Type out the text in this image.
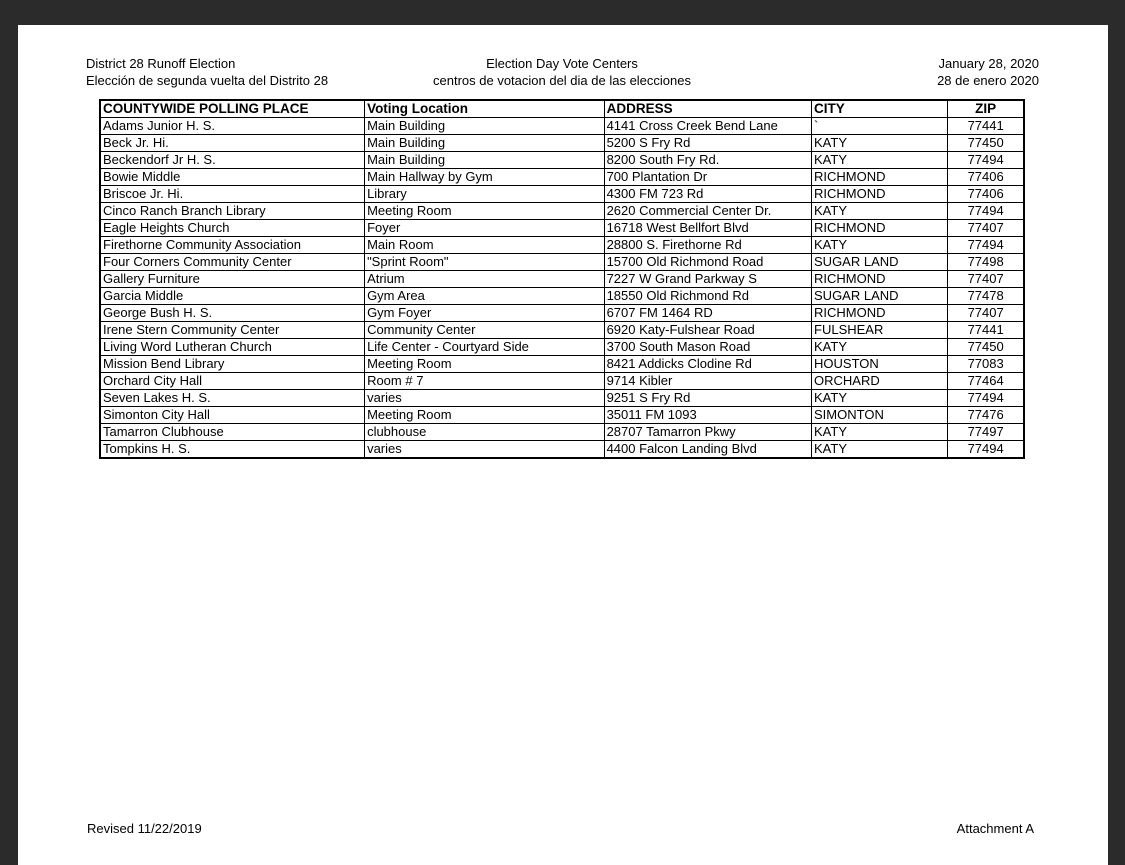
District 28 Runoff Election
Elección de segunda vuelta del Distrito 28
Election Day Vote Centers
centros de votacion del dia de las elecciones
January 28, 2020
28 de enero 2020
COUNTYWIDE POLLING PLACE	Voting Location	ADDRESS	CITY	ZIP
Adams Junior H. S.	Main Building	4141 Cross Creek Bend Lane	`	77441
Beck Jr. Hi.	Main Building	5200 S Fry Rd	KATY	77450
Beckendorf Jr H. S.	Main Building	8200 South Fry Rd.	KATY	77494
Bowie Middle	Main Hallway by Gym	700 Plantation Dr	RICHMOND	77406
Briscoe Jr. Hi.	Library	4300 FM 723 Rd	RICHMOND	77406
Cinco Ranch Branch Library	Meeting Room	2620 Commercial Center Dr.	KATY	77494
Eagle Heights Church	Foyer	16718 West Bellfort Blvd	RICHMOND	77407
Firethorne Community Association	Main Room	28800 S. Firethorne Rd	KATY	77494
Four Corners Community Center	"Sprint Room"	15700 Old Richmond Road	SUGAR LAND	77498
Gallery Furniture	Atrium	7227 W Grand Parkway S	RICHMOND	77407
Garcia Middle	Gym Area	18550 Old Richmond Rd	SUGAR LAND	77478
George Bush H. S.	Gym Foyer	6707 FM 1464 RD	RICHMOND	77407
Irene Stern Community Center	Community Center	6920 Katy-Fulshear Road	FULSHEAR	77441
Living Word Lutheran Church	Life Center - Courtyard Side	3700 South Mason Road	KATY	77450
Mission Bend Library	Meeting Room	8421 Addicks Clodine Rd	HOUSTON	77083
Orchard City Hall	Room # 7	9714 Kibler	ORCHARD	77464
Seven Lakes H. S.	varies	9251 S Fry Rd	KATY	77494
Simonton City Hall	Meeting Room	35011 FM 1093	SIMONTON	77476
Tamarron Clubhouse	clubhouse	28707 Tamarron Pkwy	KATY	77497
Tompkins H. S.	varies	4400 Falcon Landing Blvd	KATY	77494
Revised 11/22/2019	Attachment A
